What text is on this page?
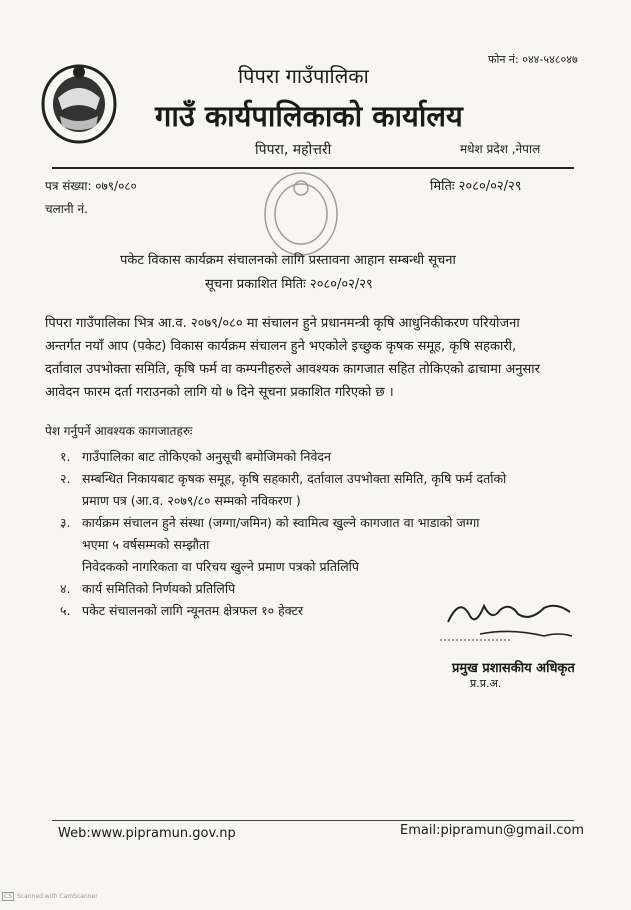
फोन नं: ०४४-५४८०४७
पिपरा गाउँपालिका
गाउँ कार्यपालिकाको कार्यालय
पिपरा, महोत्तरी	मधेश प्रदेश ,नेपाल
पत्र संख्या: ०७९/०८०
चलानी नं.
मितिः २०८०/०२/२९
पकेट विकास कार्यक्रम संचालनको लागि प्रस्तावना आहान सम्बन्धी सूचना
सूचना प्रकाशित मितिः २०८०/०२/२९

पिपरा गाउँपालिका भित्र आ.व. २०७९/०८० मा संचालन हुने प्रधानमन्त्री कृषि आधुनिकीकरण परियोजना

अन्तर्गत नयाँ आप (पकेट) विकास कार्यक्रम संचालन हुने भएकोले इच्छुक कृषक समूह, कृषि सहकारी,

दर्तावाल उपभोक्ता समिति, कृषि फर्म वा कम्पनीहरुले आवश्यक कागजात सहित तोकिएको ढाचामा अनुसार

आवेदन फारम दर्ता गराउनको लागि यो ७ दिने सूचना प्रकाशित गरिएको छ ।

पेश गर्नुपर्ने आवश्यक कागजातहरुः
१. गाउँपालिका बाट तोकिएको अनुसूची बमोजिमको निवेदन
२. सम्बन्धित निकायबाट कृषक समूह, कृषि सहकारी, दर्तावाल उपभोक्ता समिति, कृषि फर्म दर्ताको
प्रमाण पत्र (आ.व. २०७९/८० सम्मको नविकरण )
३. कार्यक्रम संचालन हुने संस्था (जग्गा/जमिन) को स्वामित्व खुल्ने कागजात वा भाडाको जग्गा
भएमा ५ वर्षसम्मको सम्झौता
निवेदकको नागरिकता वा परिचय खुल्ने प्रमाण पत्रको प्रतिलिपि
४. कार्य समितिको निर्णयको प्रतिलिपि
५. पकेट संचालनको लागि न्यूनतम क्षेत्रफल १० हेक्टर
प्रमुख प्रशासकीय अधिकृत
प्र.प्र.अ.
Web:www.pipramun.gov.np	Email:pipramun@gmail.com
CS Scanned with CamScanner
